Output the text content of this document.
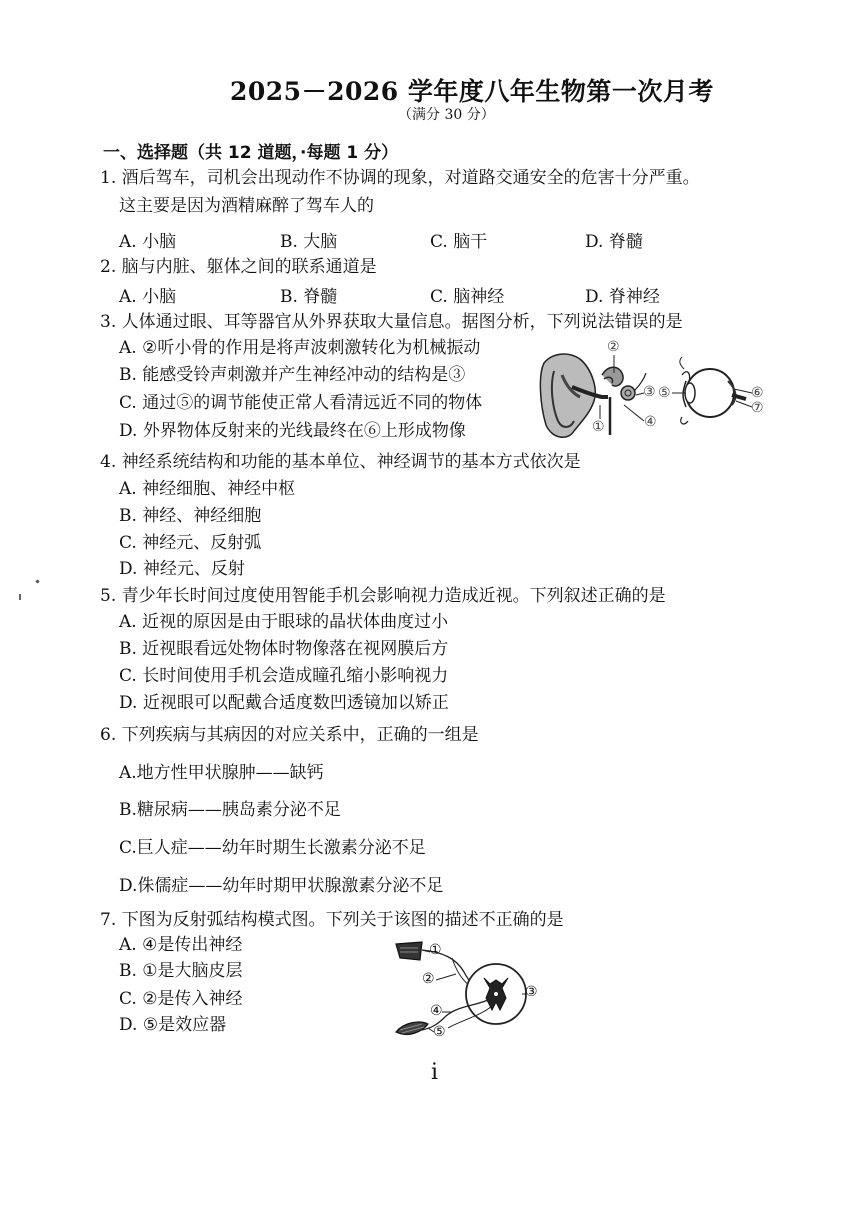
2025－2026 学年度八年生物第一次月考
（满分 30 分）
一、选择题（共 12 道题，·每题 1 分）
1. 酒后驾车，司机会出现动作不协调的现象，对道路交通安全的危害十分严重。
这主要是因为酒精麻醉了驾车人的
A. 小脑	B. 大脑	C. 脑干	D. 脊髓
2. 脑与内脏、躯体之间的联系通道是
A. 小脑	B. 脊髓	C. 脑神经	D. 脊神经
3. 人体通过眼、耳等器官从外界获取大量信息。据图分析，下列说法错误的是
A. ②听小骨的作用是将声波刺激转化为机械振动
B. 能感受铃声刺激并产生神经冲动的结构是③
C. 通过⑤的调节能使正常人看清远近不同的物体
D. 外界物体反射来的光线最终在⑥上形成物像
②
③
④
①
⑤	⑥
⑦
4. 神经系统结构和功能的基本单位、神经调节的基本方式依次是
A. 神经细胞、神经中枢
B. 神经、神经细胞
C. 神经元、反射弧
D. 神经元、反射
5. 青少年长时间过度使用智能手机会影响视力造成近视。下列叙述正确的是
A. 近视的原因是由于眼球的晶状体曲度过小
B. 近视眼看远处物体时物像落在视网膜后方
C. 长时间使用手机会造成瞳孔缩小影响视力
D. 近视眼可以配戴合适度数凹透镜加以矫正
6. 下列疾病与其病因的对应关系中，正确的一组是
A.地方性甲状腺肿——缺钙
B.糖尿病——胰岛素分泌不足
C.巨人症——幼年时期生长激素分泌不足
D.侏儒症——幼年时期甲状腺激素分泌不足
7. 下图为反射弧结构模式图。下列关于该图的描述不正确的是
A. ④是传出神经
B. ①是大脑皮层
C. ②是传入神经
D. ⑤是效应器
①
②
③
④
⑤
i
